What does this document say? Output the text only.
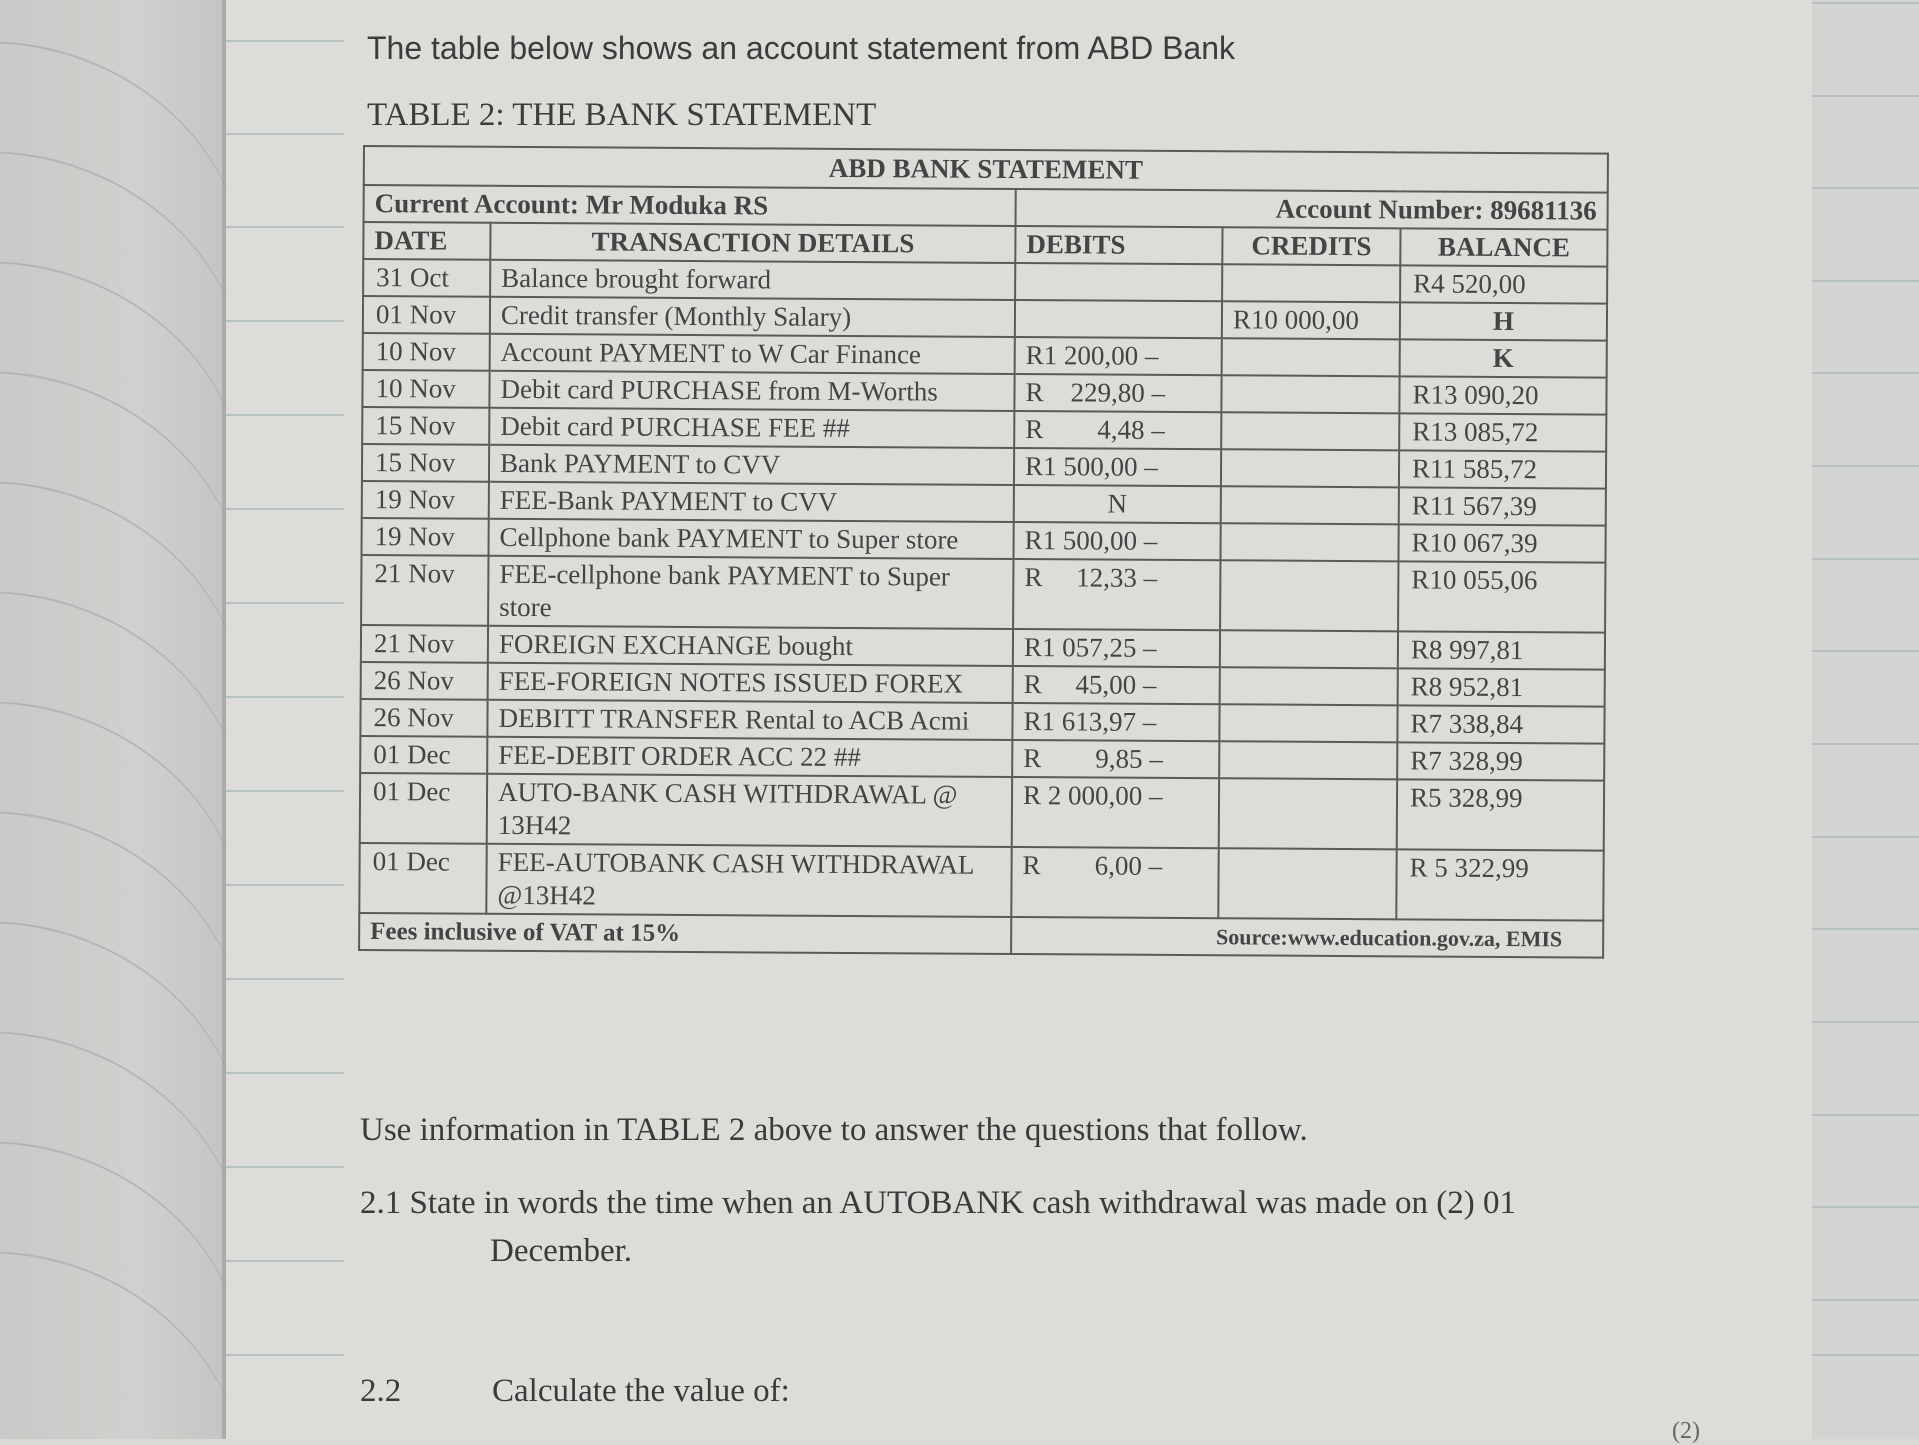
The table below shows an account statement from ABD Bank
TABLE 2: THE BANK STATEMENT
ABD BANK STATEMENT				
Current Account: Mr Moduka RS		Account Number: 89681136		
DATE	TRANSACTION DETAILS	DEBITS	CREDITS	BALANCE
31 Oct	Balance brought forward			R4 520,00
01 Nov	Credit transfer (Monthly Salary)		R10 000,00	H
10 Nov	Account PAYMENT to W Car Finance	R1 200,00 –		K
10 Nov	Debit card PURCHASE from M-Worths	R    229,80 –		R13 090,20
15 Nov	Debit card PURCHASE FEE ##	R        4,48 –		R13 085,72
15 Nov	Bank PAYMENT to CVV	R1 500,00 –		R11 585,72
19 Nov	FEE-Bank PAYMENT to CVV	N		R11 567,39
19 Nov	Cellphone bank PAYMENT to Super store	R1 500,00 –		R10 067,39
21 Nov	FEE-cellphone bank PAYMENT to Super store	R     12,33 –		R10 055,06
21 Nov	FOREIGN EXCHANGE bought	R1 057,25 –		R8 997,81
26 Nov	FEE-FOREIGN NOTES ISSUED FOREX	R     45,00 –		R8 952,81
26 Nov	DEBITT TRANSFER Rental to ACB Acmi	R1 613,97 –		R7 338,84
01 Dec	FEE-DEBIT ORDER ACC 22 ##	R        9,85 –		R7 328,99
01 Dec	AUTO-BANK CASH WITHDRAWAL @ 13H42	R 2 000,00 –		R5 328,99
01 Dec	FEE-AUTOBANK CASH WITHDRAWAL @13H42	R        6,00 –		R 5 322,99
Fees inclusive of VAT at 15%		Source:www.education.gov.za, EMIS		
Use information in TABLE 2 above to answer the questions that follow.
2.1 State in words the time when an AUTOBANK cash withdrawal was made on (2) 01
December.
2.2	Calculate the value of:
(2)
